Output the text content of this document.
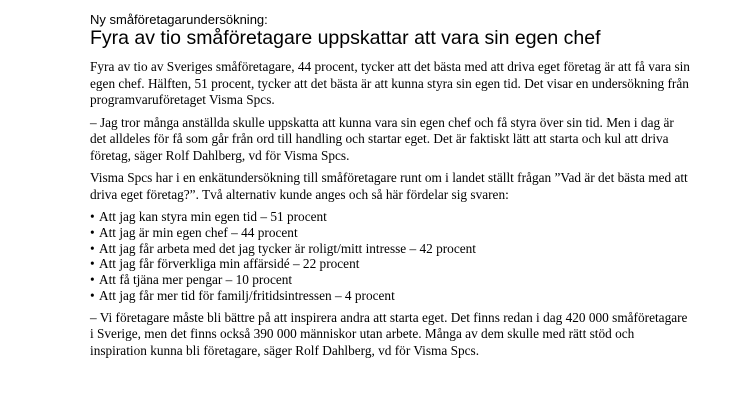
Ny småföretagarundersökning:

Fyra av tio småföretagare uppskattar att vara sin egen chef

Fyra av tio av Sveriges småföretagare, 44 procent, tycker att det bästa med att driva eget företag är att få vara sin egen chef. Hälften, 51 procent, tycker att det bästa är att kunna styra sin egen tid. Det visar en undersökning från programvaruföretaget Visma Spcs.

– Jag tror många anställda skulle uppskatta att kunna vara sin egen chef och få styra över sin tid. Men i dag är det alldeles för få som går från ord till handling och startar eget. Det är faktiskt lätt att starta och kul att driva företag, säger Rolf Dahlberg, vd för Visma Spcs.

Visma Spcs har i en enkätundersökning till småföretagare runt om i landet ställt frågan ”Vad är det bästa med att driva eget företag?”. Två alternativ kunde anges och så här fördelar sig svaren:

• Att jag kan styra min egen tid – 51 procent
• Att jag är min egen chef – 44 procent
• Att jag får arbeta med det jag tycker är roligt/mitt intresse – 42 procent
• Att jag får förverkliga min affärsidé – 22 procent
• Att få tjäna mer pengar – 10 procent
• Att jag får mer tid för familj/fritidsintressen – 4 procent

– Vi företagare måste bli bättre på att inspirera andra att starta eget. Det finns redan i dag 420 000 småföretagare i Sverige, men det finns också 390 000 människor utan arbete. Många av dem skulle med rätt stöd och inspiration kunna bli företagare, säger Rolf Dahlberg, vd för Visma Spcs.
